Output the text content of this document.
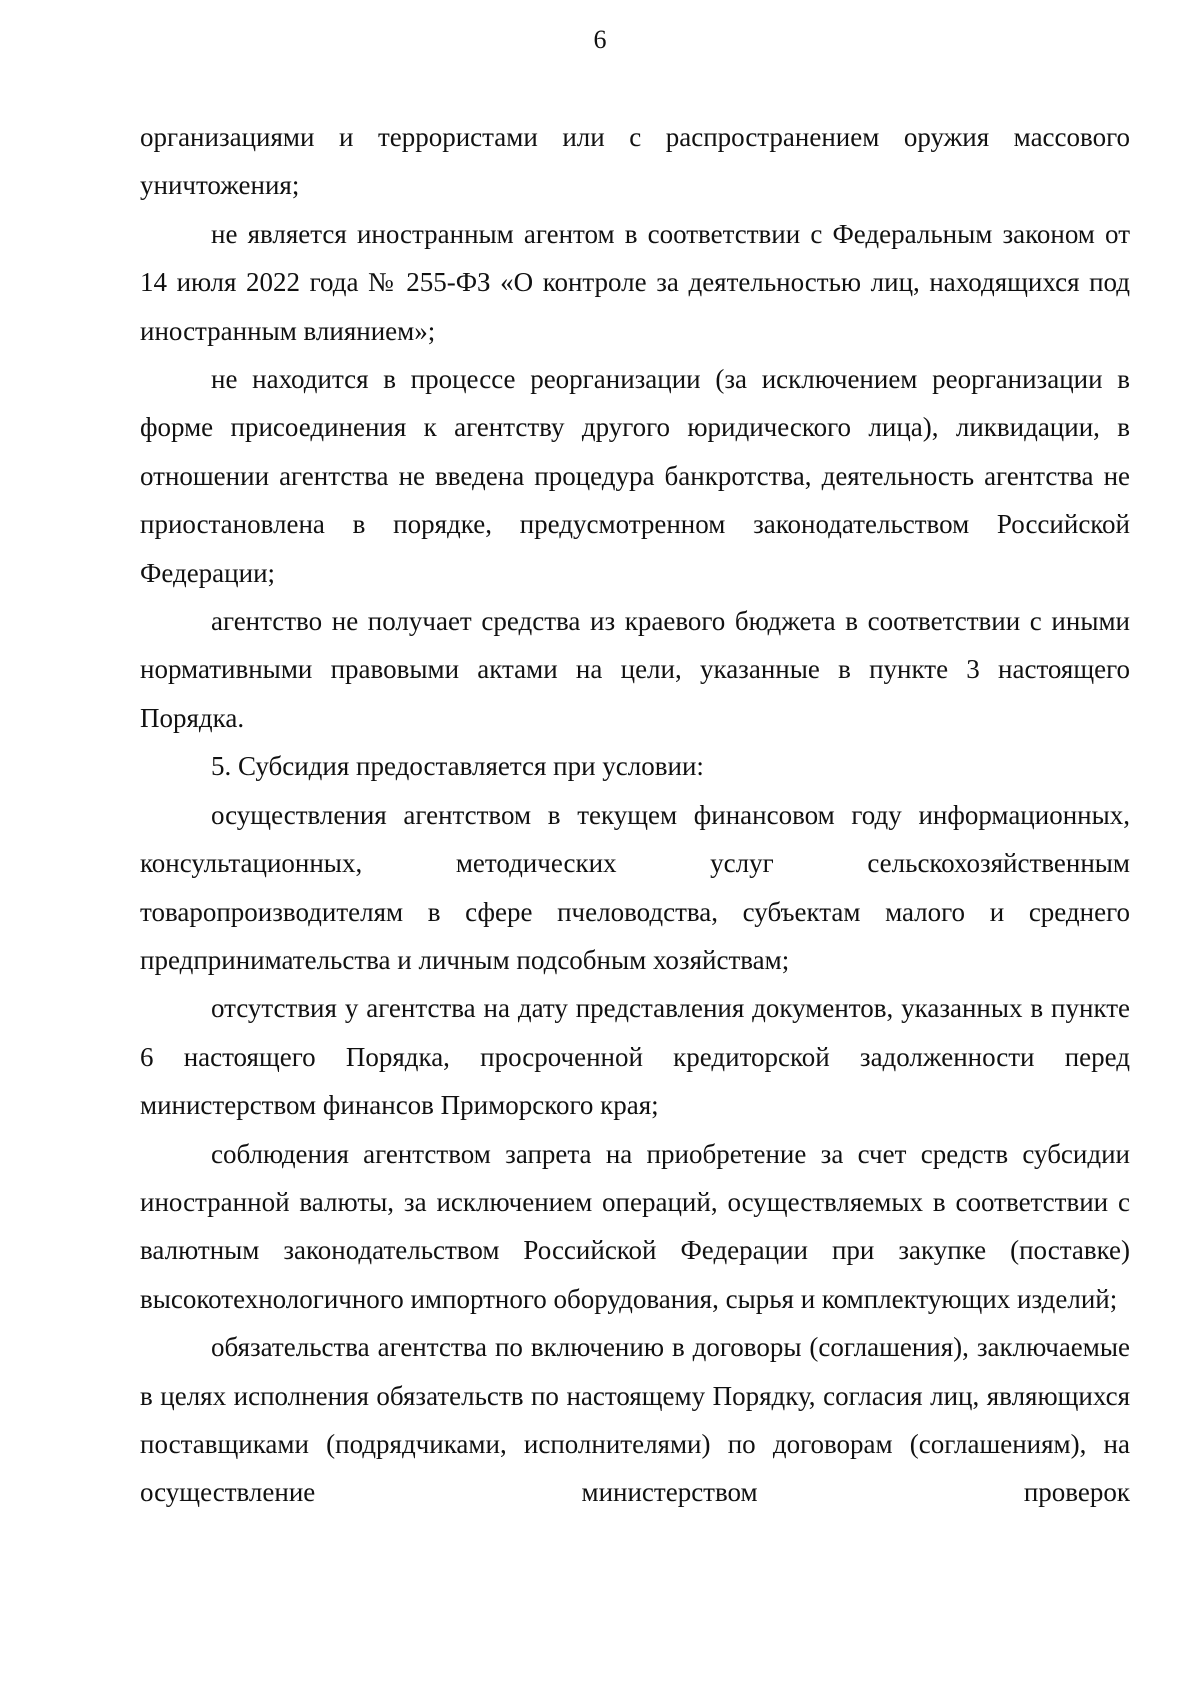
6

организациями и террористами или с распространением оружия массового уничтожения;

не является иностранным агентом в соответствии с Федеральным законом от 14 июля 2022 года № 255-ФЗ «О контроле за деятельностью лиц, находящихся под иностранным влиянием»;

не находится в процессе реорганизации (за исключением реорганизации в форме присоединения к агентству другого юридического лица), ликвидации, в отношении агентства не введена процедура банкротства, деятельность агентства не приостановлена в порядке, предусмотренном законодательством Российской Федерации;

агентство не получает средства из краевого бюджета в соответствии с иными нормативными правовыми актами на цели, указанные в пункте 3 настоящего Порядка.

5. Субсидия предоставляется при условии:

осуществления агентством в текущем финансовом году информационных, консультационных, методических услуг сельскохозяйственным товаропроизводителям в сфере пчеловодства, субъектам малого и среднего предпринимательства и личным подсобным хозяйствам;

отсутствия у агентства на дату представления документов, указанных в пункте 6 настоящего Порядка, просроченной кредиторской задолженности перед министерством финансов Приморского края;

соблюдения агентством запрета на приобретение за счет средств субсидии иностранной валюты, за исключением операций, осуществляемых в соответствии с валютным законодательством Российской Федерации при закупке (поставке) высокотехнологичного импортного оборудования, сырья и комплектующих изделий;

обязательства агентства по включению в договоры (соглашения), заключаемые в целях исполнения обязательств по настоящему Порядку, согласия лиц, являющихся поставщиками (подрядчиками, исполнителями) по договорам (соглашениям), на осуществление министерством проверок
